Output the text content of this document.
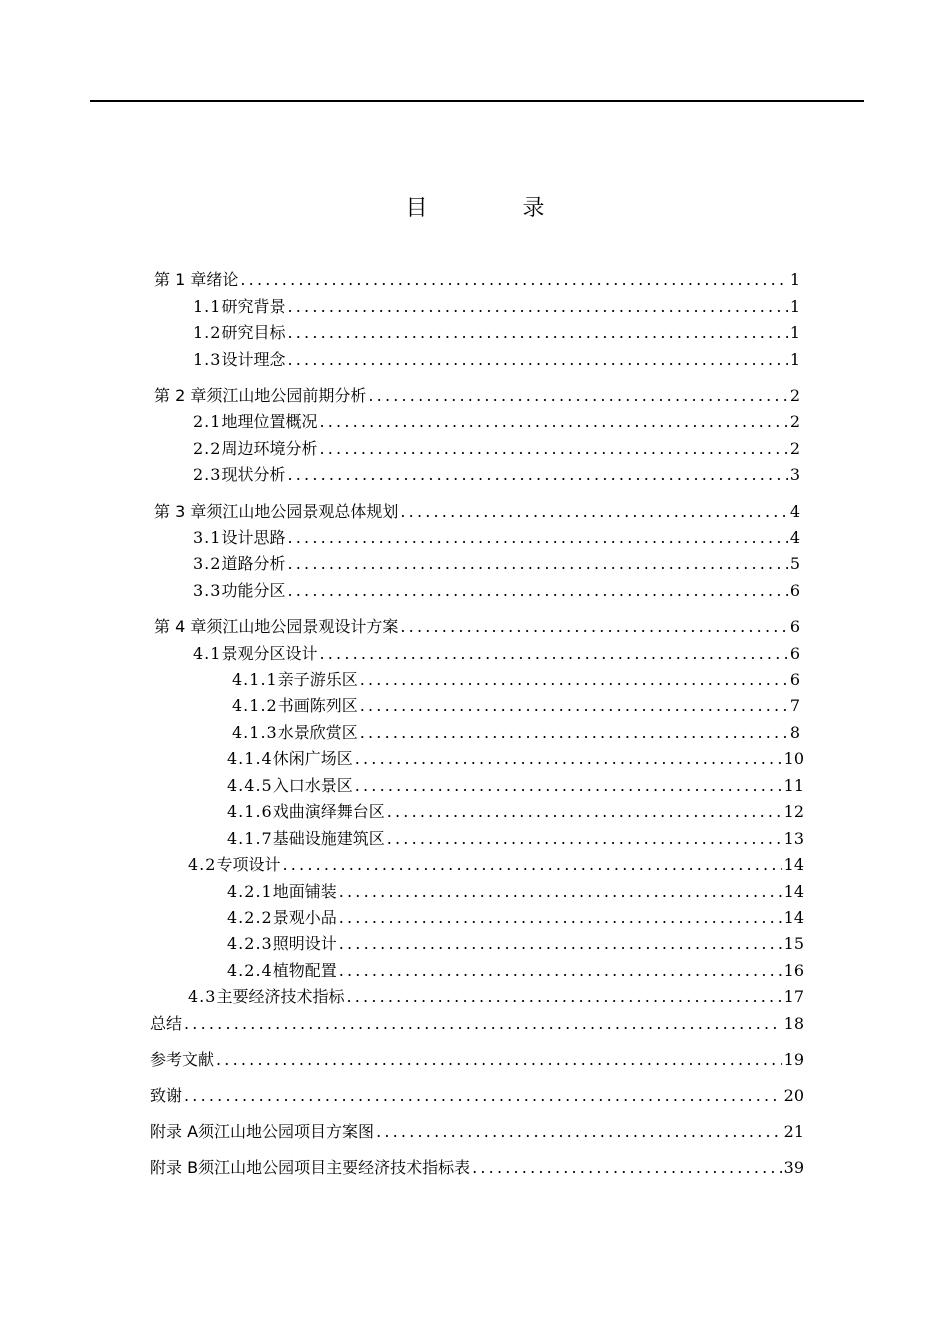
目 录
第 1 章 绪论 .....	1
1.1 研究背景 .....	1
1.2 研究目标 .....	1
1.3 设计理念 .....	1
第 2 章 须江山地公园前期分析 .....	2
2.1 地理位置概况 .....	2
2.2 周边环境分析 .....	2
2.3 现状分析 .....	3
第 3 章 须江山地公园景观总体规划 .....	4
3.1 设计思路 .....	4
3.2 道路分析 .....	5
3.3 功能分区 .....	6
第 4 章 须江山地公园景观设计方案 .....	6
4.1 景观分区设计 .....	6
4.1.1 亲子游乐区 .....	6
4.1.2 书画陈列区 .....	7
4.1.3 水景欣赏区 .....	8
4.1.4 休闲广场区 .....	10
4.4.5 入口水景区 .....	11
4.1.6 戏曲演绎舞台区 .....	12
4.1.7 基础设施建筑区 .....	13
4.2 专项设计 .....	14
4.2.1 地面铺装 .....	14
4.2.2 景观小品 .....	14
4.2.3 照明设计 .....	15
4.2.4 植物配置 .....	16
4.3 主要经济技术指标 .....	17
总结 .....	18
参考文献 .....	19
致谢 .....	20
附录 A 须江山地公园项目方案图 .....	21
附录 B 须江山地公园项目主要经济技术指标表 .....	39
